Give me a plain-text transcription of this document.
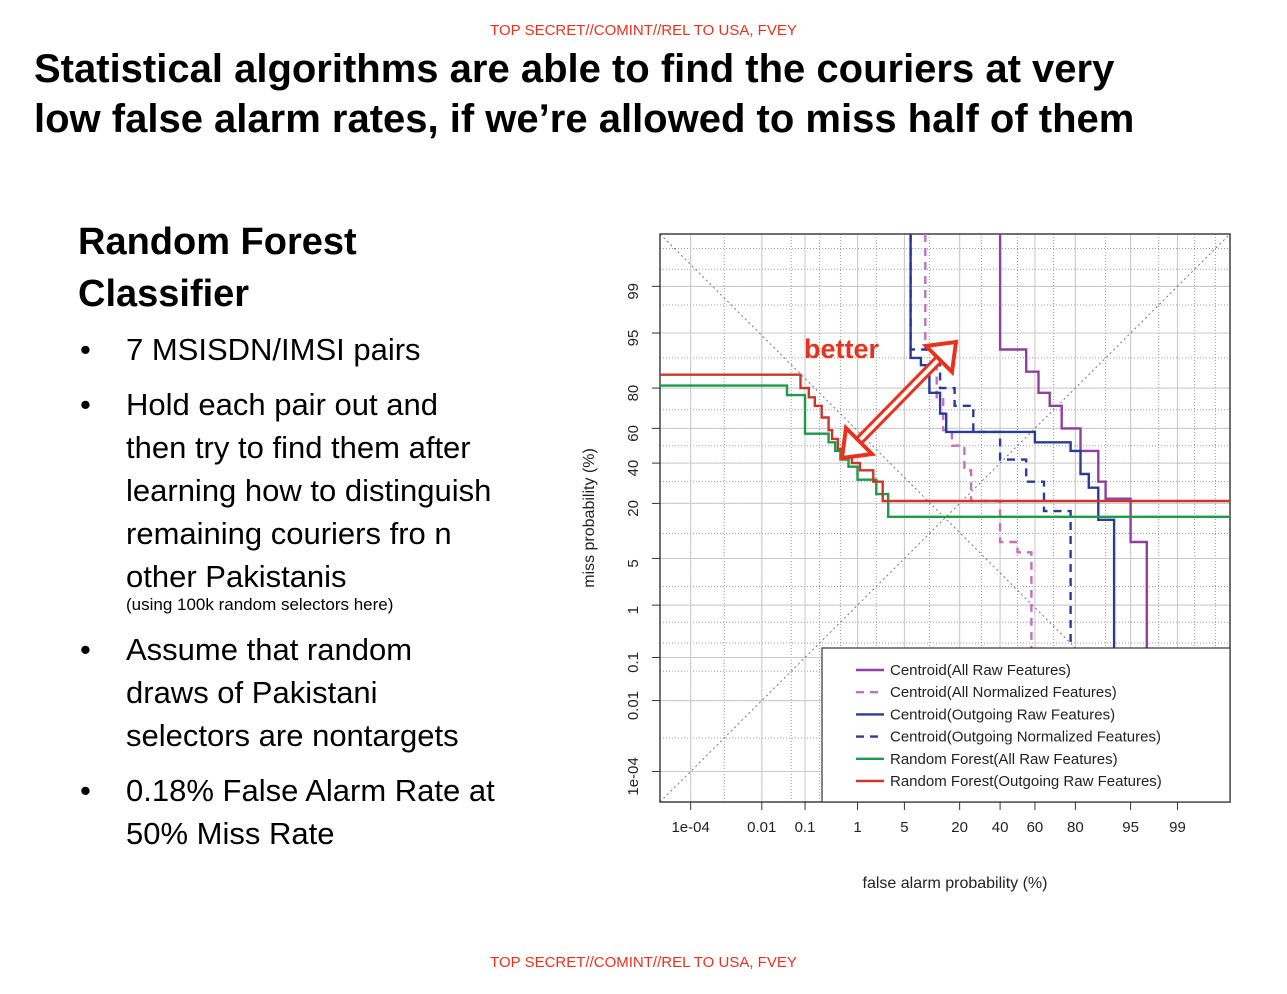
TOP SECRET//COMINT//REL TO USA, FVEY
Statistical algorithms are able to find the couriers at very
low false alarm rates, if we’re allowed to miss half of them
Random Forest
Classifier
• 7 MSISDN/IMSI pairs
• Hold each pair out and
then try to find them after
learning how to distinguish
remaining couriers fro n
other Pakistanis
(using 100k random selectors here)
• Assume that random
draws of Pakistani
selectors are nontargets
• 0.18% False Alarm Rate at
50% Miss Rate	1e-04 0.01 0.1	1	5	20 40 60 80	95 99
1e-04
0.01
0.1
1
5
20
40
60
80
95
99
false alarm probability (%)
miss probability (%)
better
Centroid(All Raw Features)
Centroid(All Normalized Features)
Centroid(Outgoing Raw Features)
Centroid(Outgoing Normalized Features)
Random Forest(All Raw Features)
Random Forest(Outgoing Raw Features)
TOP SECRET//COMINT//REL TO USA, FVEY
